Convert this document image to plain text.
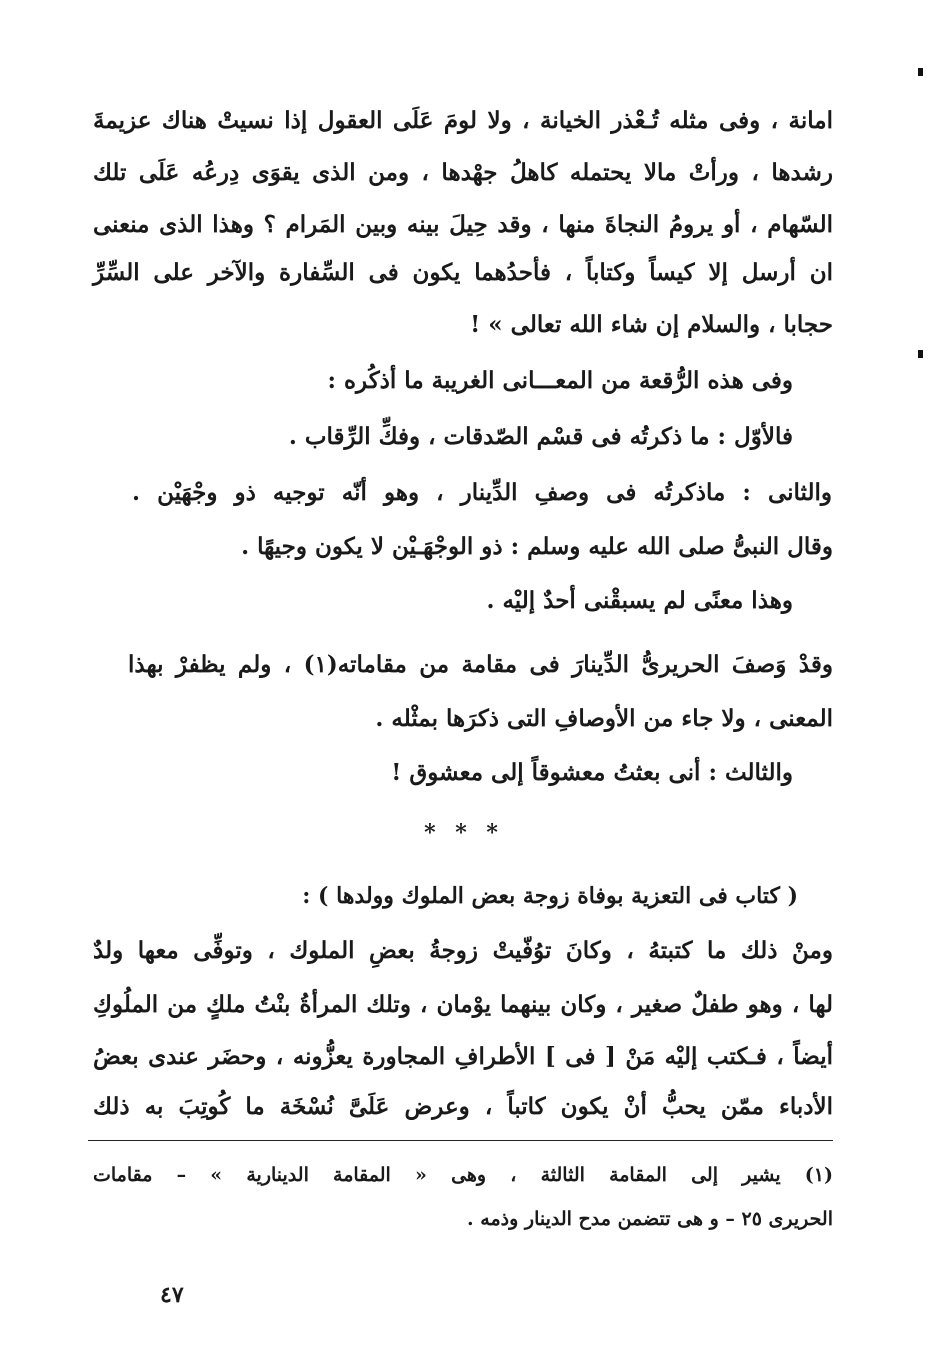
امانة ، وفى مثله تُـعْذر الخيانة ، ولا لومَ عَلَى العقول إذا نسيتْ هناك عزيمةَ
رشدها ، ورأتْ مالا يحتمله كاهلُ جهْدها ، ومن الذى يقوَى دِرعُه عَلَى تلك
السّهام ، أو يرومُ النجاةَ منها ، وقد حِيلَ بينه وبين المَرام ؟ وهذا الذى منعنى
ان أرسل إلا كيساً وكتاباً ، فأحدُهما يكون فى السِّفارة والآخر على السِّرِّ
حجابا ، والسلام إن شاء الله تعالى » !
وفى هذه الرُّقعة من المعـــانى الغريبة ما أذكُره :
فالأوّل : ما ذكرتُه فى قسْم الصّدقات ، وفكِّ الرِّقاب .
والثانى : ماذكرتُه فى وصفِ الدِّينار ، وهو أنّه توجيه ذو وجْهَيْن .
وقال النبىُّ صلى الله عليه وسلم : ذو الوجْهَـيْن لا يكون وجيهًا .
وهذا معنًى لم يسبقْنى أحدٌ إليْه .
وقدْ وَصفَ الحريرىُّ الدِّينارَ فى مقامة من مقاماته(١) ، ولم يظفرْ بهذا
المعنى ، ولا جاء من الأوصافِ التى ذكرَها بمثْله .
والثالث : أنى بعثتُ معشوقاً إلى معشوق !
* * *
( كتاب فى التعزية بوفاة زوجة بعض الملوك وولدها ) :
ومنْ ذلك ما كتبتهُ ، وكانَ توُفّيتْ زوجةُ بعضِ الملوك ، وتوفِّى معها ولدٌ
لها ، وهو طفلٌ صغير ، وكان بينهما يوْمان ، وتلك المرأةُ بنْتُ ملكٍ من الملُوكِ
أيضاً ، فـكتب إليْه مَنْ [ فى ] الأطرافِ المجاورة يعزُّونه ، وحضَر عندى بعضُ
الأدباء ممّن يحبُّ أنْ يكون كاتباً ، وعرض عَلَىَّ نُسْخَة ما كُوتِبَ به ذلك
(١) يشير إلى المقامة الثالثة ، وهى « المقامة الدينارية » – مقامات
الحريرى ٢٥ – و هى تتضمن مدح الدينار وذمه .
٤٧
